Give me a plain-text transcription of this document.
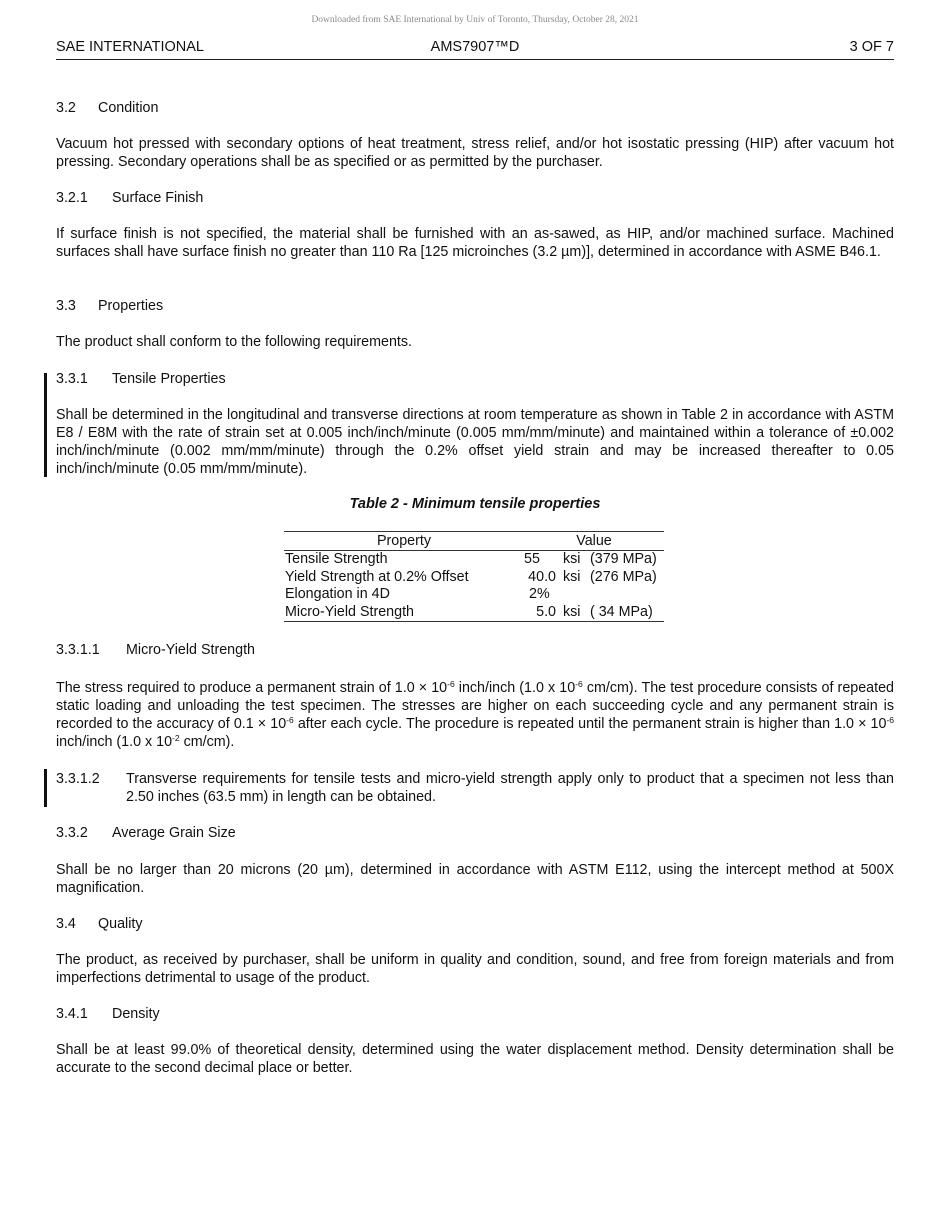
Downloaded from SAE International by Univ of Toronto, Thursday, October 28, 2021
SAE INTERNATIONAL	AMS7907™D	3 OF 7
3.2 Condition
Vacuum hot pressed with secondary options of heat treatment, stress relief, and/or hot isostatic pressing (HIP) after vacuum hot pressing. Secondary operations shall be as specified or as permitted by the purchaser.
3.2.1 Surface Finish
If surface finish is not specified, the material shall be furnished with an as-sawed, as HIP, and/or machined surface. Machined surfaces shall have surface finish no greater than 110 Ra [125 microinches (3.2 µm)], determined in accordance with ASME B46.1.
3.3 Properties
The product shall conform to the following requirements.
3.3.1 Tensile Properties
Shall be determined in the longitudinal and transverse directions at room temperature as shown in Table 2 in accordance with ASTM E8 / E8M with the rate of strain set at 0.005 inch/inch/minute (0.005 mm/mm/minute) and maintained within a tolerance of ±0.002 inch/inch/minute (0.002 mm/mm/minute) through the 0.2% offset yield strain and may be increased thereafter to 0.05 inch/inch/minute (0.05 mm/mm/minute).
Table 2 - Minimum tensile properties
Property	Value
Tensile Strength	55	ksi (379 MPa)
Yield Strength at 0.2% Offset	40.0 ksi (276 MPa)
Elongation in 4D	2%
Micro-Yield Strength	5.0 ksi ( 34 MPa)
3.3.1.1 Micro-Yield Strength
The stress required to produce a permanent strain of $1.0 \times 10^{-6}$ inch/inch (1.0 x $10^{-6}$ cm/cm). The test procedure consists of repeated static loading and unloading the test specimen. The stresses are higher on each succeeding cycle and any permanent strain is recorded to the accuracy of $0.1 \times 10^{-6}$ after each cycle. The procedure is repeated until the permanent strain is higher than $1.0 \times 10^{-6}$ inch/inch (1.0 x $10^{-2}$ cm/cm).
3.3.1.2 Transverse requirements for tensile tests and micro-yield strength apply only to product that a specimen not less than 2.50 inches (63.5 mm) in length can be obtained.
3.3.2 Average Grain Size
Shall be no larger than 20 microns (20 µm), determined in accordance with ASTM E112, using the intercept method at 500X magnification.
3.4 Quality
The product, as received by purchaser, shall be uniform in quality and condition, sound, and free from foreign materials and from imperfections detrimental to usage of the product.
3.4.1 Density
Shall be at least 99.0% of theoretical density, determined using the water displacement method. Density determination shall be accurate to the second decimal place or better.
